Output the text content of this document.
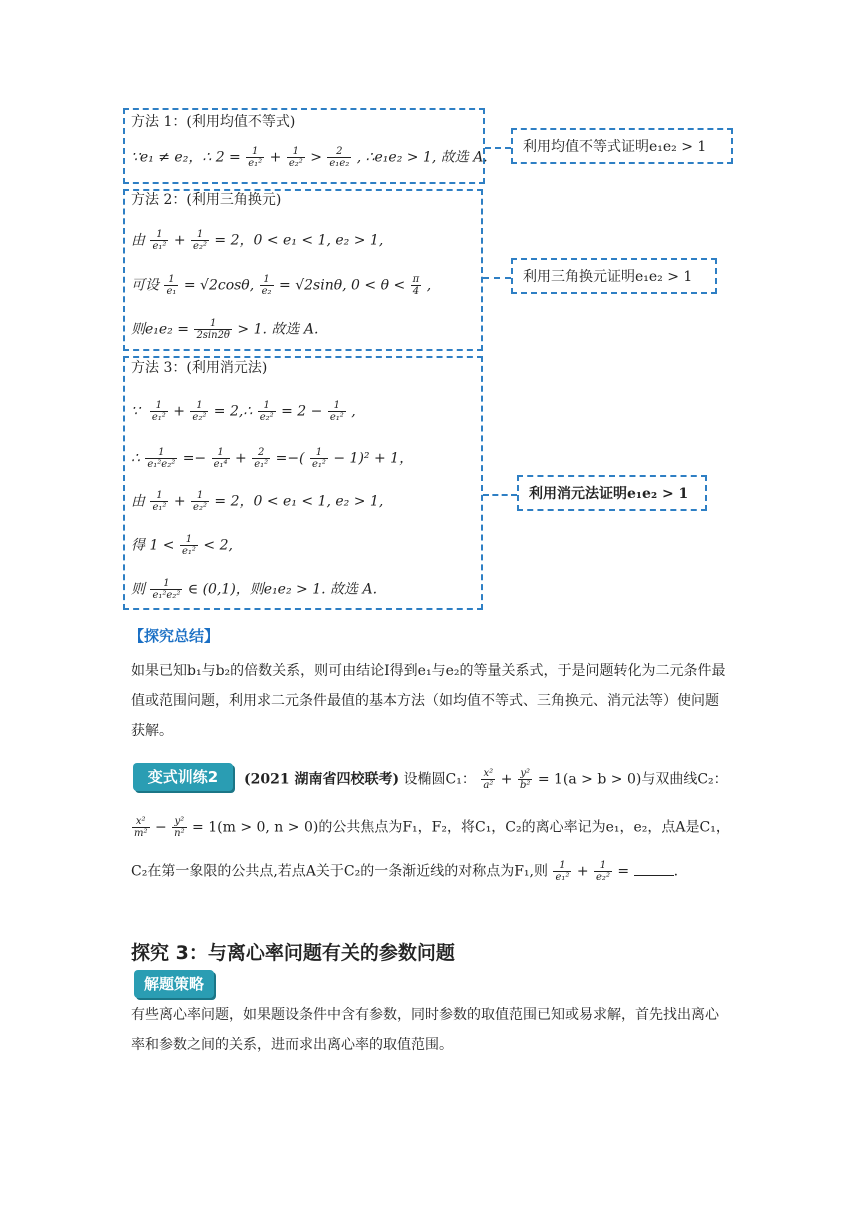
方法 1：(利用均值不等式)
∵e₁ ≠ e₂，∴ $2 = \frac{1}{\text{e₁²}} + \frac{1}{\text{e₂²}} > \frac{2}{\text{e₁e₂}}$ , ∴e₁e₂ > 1, 故选 A.
利用均值不等式证明e₁e₂ > 1
方法 2：(利用三角换元)
由 $\frac{1}{\text{e₁²}} + \frac{1}{\text{e₂²}} = 2$，0 < e₁ < 1, e₂ > 1,
可设 $\frac{1}{\text{e₁}} = √2\cos\theta$, $\frac{1}{\text{e₂}} = √2\sin\theta$, $0 < \theta < \frac{\pi}{4}$ ,
则$e_1e_2 = \frac{1}{2\sin 2\theta} > 1$. 故选 A.
利用三角换元证明e₁e₂ > 1
方法 3：(利用消元法)
∵ $\frac{1}{\text{e₁²}} + \frac{1}{\text{e₂²}}$ = 2,∴ $\frac{1}{\text{e₂²}} = 2 - \frac{1}{\text{e₁²}}$ ,
∴ $\frac{1}{\text{e₁²e₂²}} =- \frac{1}{\text{e₁⁴}} + \frac{2}{\text{e₁²}}$ =−( $\frac{1}{\text{e₁²}} - 1)^2 + 1$，
由 $\frac{1}{\text{e₁²}} + \frac{1}{\text{e₂²}} = 2$，0 < e₁ < 1, e₂ > 1,
得 $1 < \frac{1}{\text{e₁²}} < 2$,
则 $\frac{1}{\text{e₁²e₂²}}$ ∈ (0,1)，则e₁e₂ > 1. 故选 A.
利用消元法证明e₁e₂ > 1
【探究总结】
如果已知b₁与b₂的倍数关系，则可由结论Ⅰ得到e₁与e₂的等量关系式，于是问题转化为二元条件最值或范围问题，利用求二元条件最值的基本方法（如均值不等式、三角换元、消元法等）使问题获解。
变式训练2	(2021 湖南省四校联考) 设椭圆C₁： $\frac{\text{x²}}{\text{a²}} + \frac{\text{y²}}{\text{b²}} = 1(a > b > 0)$与双曲线C₂：
$\frac{\text{x²}}{\text{m²}} - \frac{\text{y²}}{\text{n²}} = 1(m > 0$, n > 0)的公共焦点为F₁，F₂，将C₁，C₂的离心率记为e₁，e₂，点A是C₁，
C₂在第一象限的公共点,若点A关于C₂的一条渐近线的对称点为F₁,则 $\frac{1}{\text{e₁²}} + \frac{1}{\text{e₂²}}$ =	.
探究 3：与离心率问题有关的参数问题
解题策略
有些离心率问题，如果题设条件中含有参数，同时参数的取值范围已知或易求解，首先找出离心率和参数之间的关系，进而求出离心率的取值范围。
